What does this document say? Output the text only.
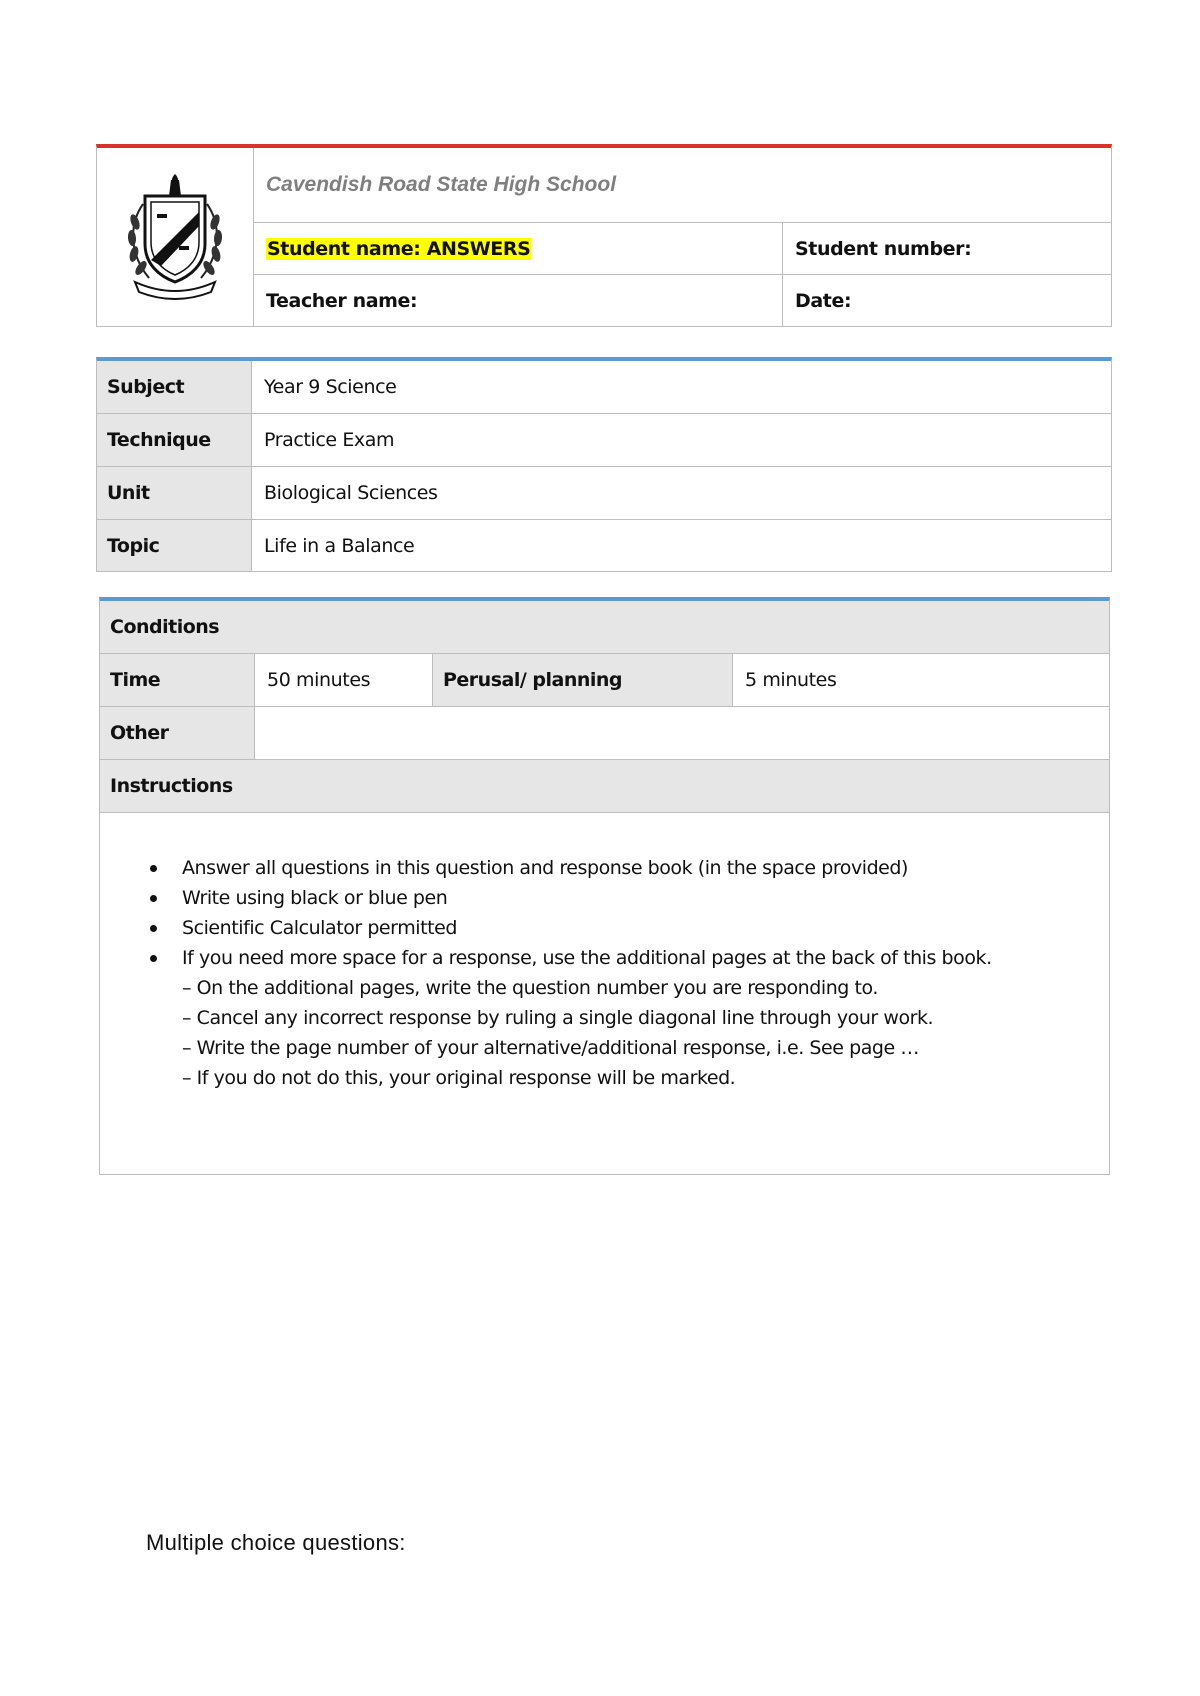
Cavendish Road State High School
Student name: ANSWERS	Student number:
Teacher name:	Date:
Subject	Year 9 Science
Technique	Practice Exam
Unit	Biological Sciences
Topic	Life in a Balance
Conditions
Time	50 minutes	Perusal/ planning	5 minutes
Other
Instructions
Answer all questions in this question and response book (in the space provided)
Write using black or blue pen
Scientific Calculator permitted
If you need more space for a response, use the additional pages at the back of this book.
– On the additional pages, write the question number you are responding to.
– Cancel any incorrect response by ruling a single diagonal line through your work.
– Write the page number of your alternative/additional response, i.e. See page …
– If you do not do this, your original response will be marked.
Multiple choice questions:
